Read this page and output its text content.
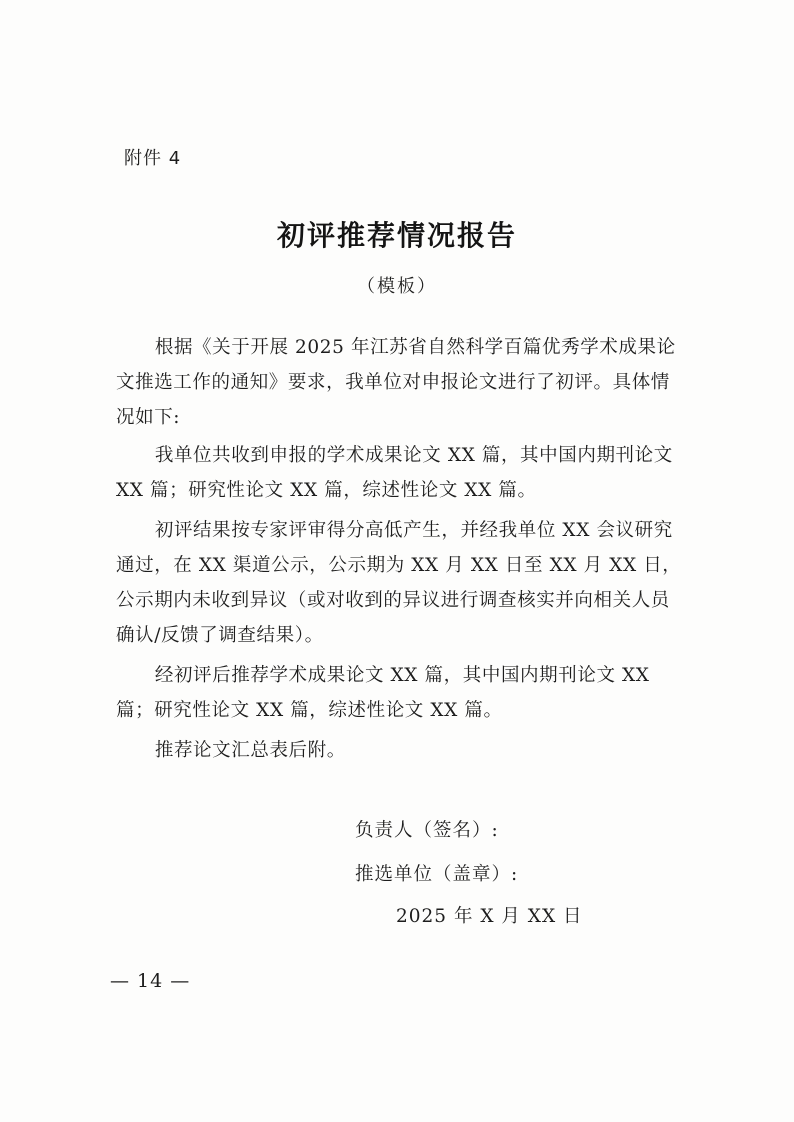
附件 4
初评推荐情况报告
（模板）

根据《关于开展 2025 年江苏省自然科学百篇优秀学术成果论文推选工作的通知》要求，我单位对申报论文进行了初评。具体情况如下:

我单位共收到申报的学术成果论文 XX 篇，其中国内期刊论文 XX 篇；研究性论文 XX 篇，综述性论文 XX 篇。

初评结果按专家评审得分高低产生，并经我单位 XX 会议研究通过，在 XX 渠道公示，公示期为 XX 月 XX 日至 XX 月 XX 日，公示期内未收到异议（或对收到的异议进行调查核实并向相关人员确认/反馈了调查结果）。

经初评后推荐学术成果论文 XX 篇，其中国内期刊论文 XX 篇；研究性论文 XX 篇，综述性论文 XX 篇。

推荐论文汇总表后附。

负责人（签名）:
推选单位（盖章）:
2025 年 X 月 XX 日
— 14 —
